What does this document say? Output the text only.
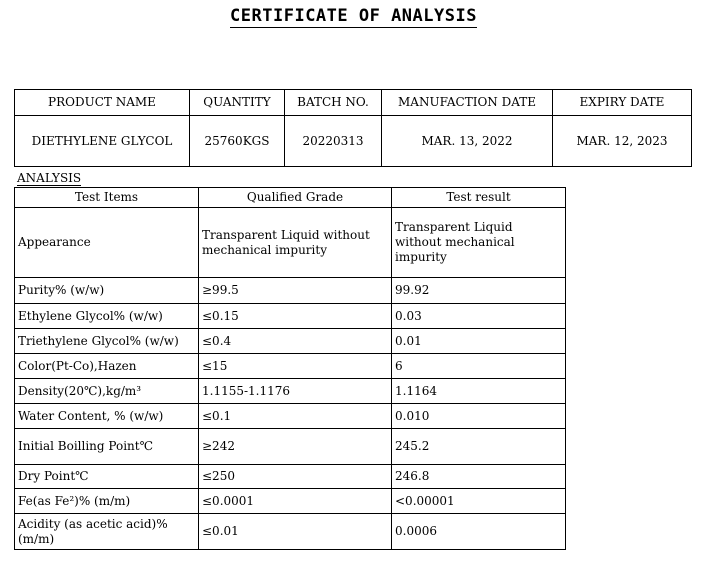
CERTIFICATE OF ANALYSIS
PRODUCT NAME	QUANTITY	BATCH NO.	MANUFACTION DATE	EXPIRY DATE
DIETHYLENE GLYCOL	25760KGS	20220313	MAR. 13, 2022	MAR. 12, 2023
ANALYSIS
Test Items	Qualified Grade	Test result
Appearance	Transparent Liquid without mechanical impurity	Transparent Liquid without mechanical impurity
Purity% (w/w)	≥99.5	99.92
Ethylene Glycol% (w/w)	≤0.15	0.03
Triethylene Glycol% (w/w)	≤0.4	0.01
Color(Pt-Co),Hazen	≤15	6
Density(20℃),kg/m³	1.1155-1.1176	1.1164
Water Content, % (w/w)	≤0.1	0.010
Initial Boilling Point℃	≥242	245.2
Dry Point℃	≤250	246.8
Fe(as Fe²)% (m/m)	≤0.0001	<0.00001
Acidity (as acetic acid)% (m/m)	≤0.01	0.0006
